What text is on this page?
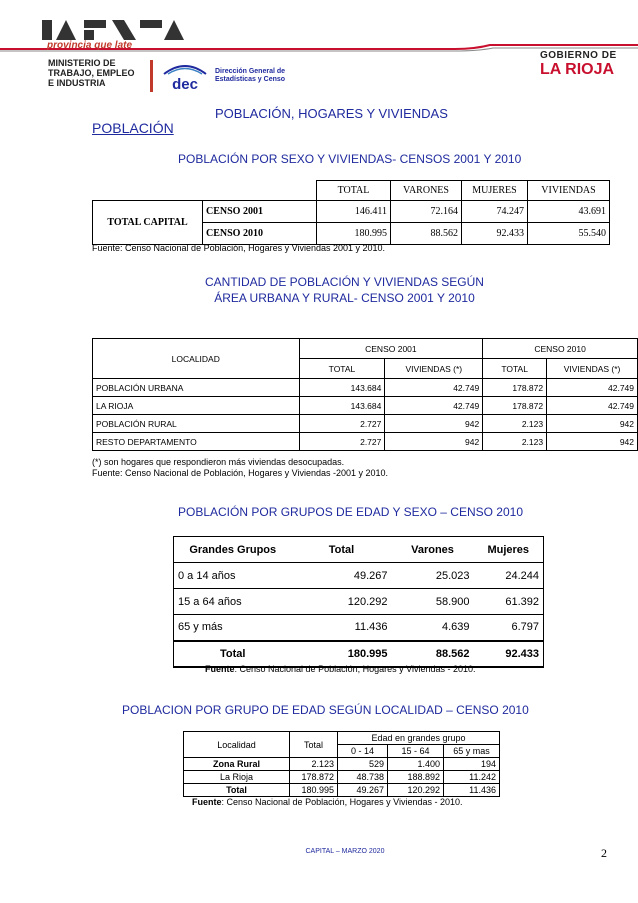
provincia que late
MINISTERIO DE
TRABAJO, EMPLEO
E INDUSTRIA	dec
Dirección General de
Estadísticas y Censo
GOBIERNO DE
LA RIOJA
POBLACIÓN, HOGARES Y VIVIENDAS
POBLACIÓN
POBLACIÓN POR SEXO Y VIVIENDAS- CENSOS 2001 Y 2010
		TOTAL	VARONES	MUJERES	VIVIENDAS
TOTAL CAPITAL	CENSO 2001	146.411	72.164	74.247	43.691
	CENSO 2010	180.995	88.562	92.433	55.540
Fuente: Censo Nacional de Población, Hogares y Viviendas 2001 y 2010.
CANTIDAD DE POBLACIÓN Y VIVIENDAS SEGÚN
ÁREA URBANA Y RURAL- CENSO 2001 Y 2010
LOCALIDAD	CENSO 2001		CENSO 2010	
	TOTAL	VIVIENDAS (*)	TOTAL	VIVIENDAS (*)
POBLACIÓN URBANA	143.684	42.749	178.872	42.749
LA RIOJA	143.684	42.749	178.872	42.749
POBLACIÓN RURAL	2.727	942	2.123	942
RESTO DEPARTAMENTO	2.727	942	2.123	942
(*) son hogares que respondieron más viviendas desocupadas.
Fuente: Censo Nacional de Población, Hogares y Viviendas -2001 y 2010.
POBLACIÓN POR GRUPOS DE EDAD Y SEXO – CENSO 2010
Grandes Grupos	Total	Varones	Mujeres
0 a 14 años	49.267	25.023	24.244
15 a 64 años	120.292	58.900	61.392
65 y más	11.436	4.639	6.797
Total	180.995	88.562	92.433
Fuente: Censo Nacional de Población, Hogares y Viviendas - 2010.
POBLACION POR GRUPO DE EDAD SEGÚN LOCALIDAD – CENSO 2010
Localidad	Total	Edad en grandes grupo		
		0 - 14	15 - 64	65 y mas
Zona Rural	2.123	529	1.400	194
La Rioja	178.872	48.738	188.892	11.242
Total	180.995	49.267	120.292	11.436
Fuente: Censo Nacional de Población, Hogares y Viviendas - 2010.
CAPITAL – MARZO 2020	2
